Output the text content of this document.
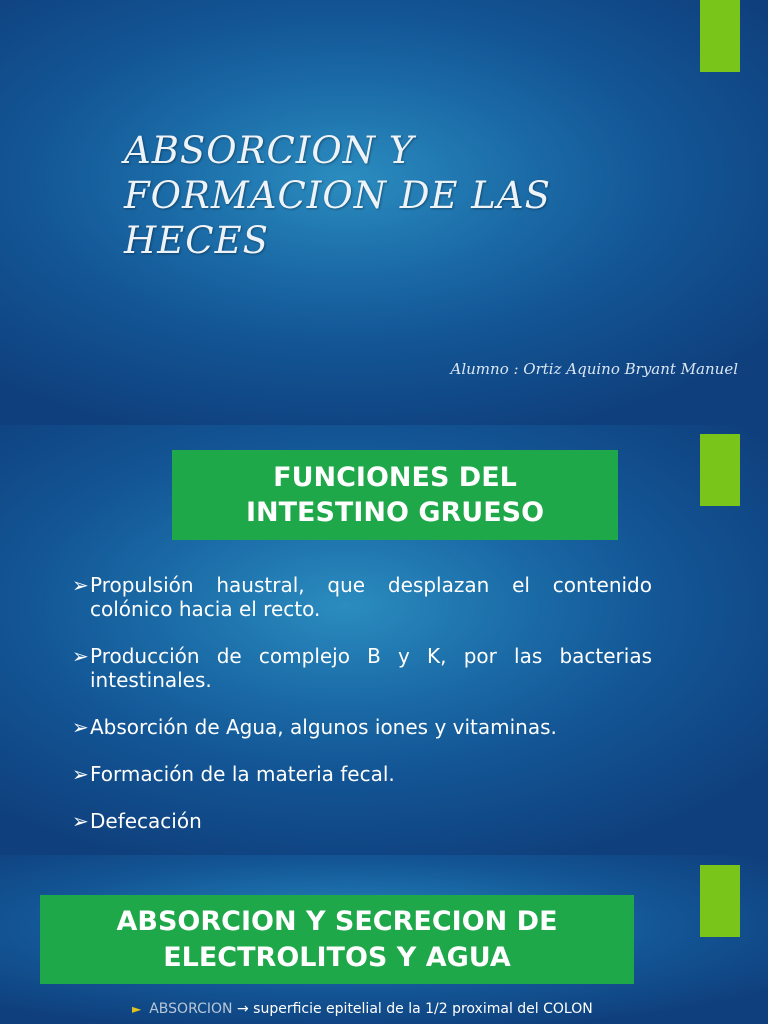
ABSORCION Y
FORMACION DE LAS
HECES
Alumno : Ortiz Aquino Bryant Manuel
FUNCIONES DEL
INTESTINO GRUESO
➢ Propulsión haustral, que desplazan el contenido colónico hacia el recto.
➢ Producción de complejo B y K, por las bacterias intestinales.
➢ Absorción de Agua, algunos iones y vitaminas.
➢ Formación de la materia fecal.
➢ Defecación
ABSORCION Y SECRECION DE
ELECTROLITOS Y AGUA
► ABSORCION → superficie epitelial de la 1/2 proximal del COLON
